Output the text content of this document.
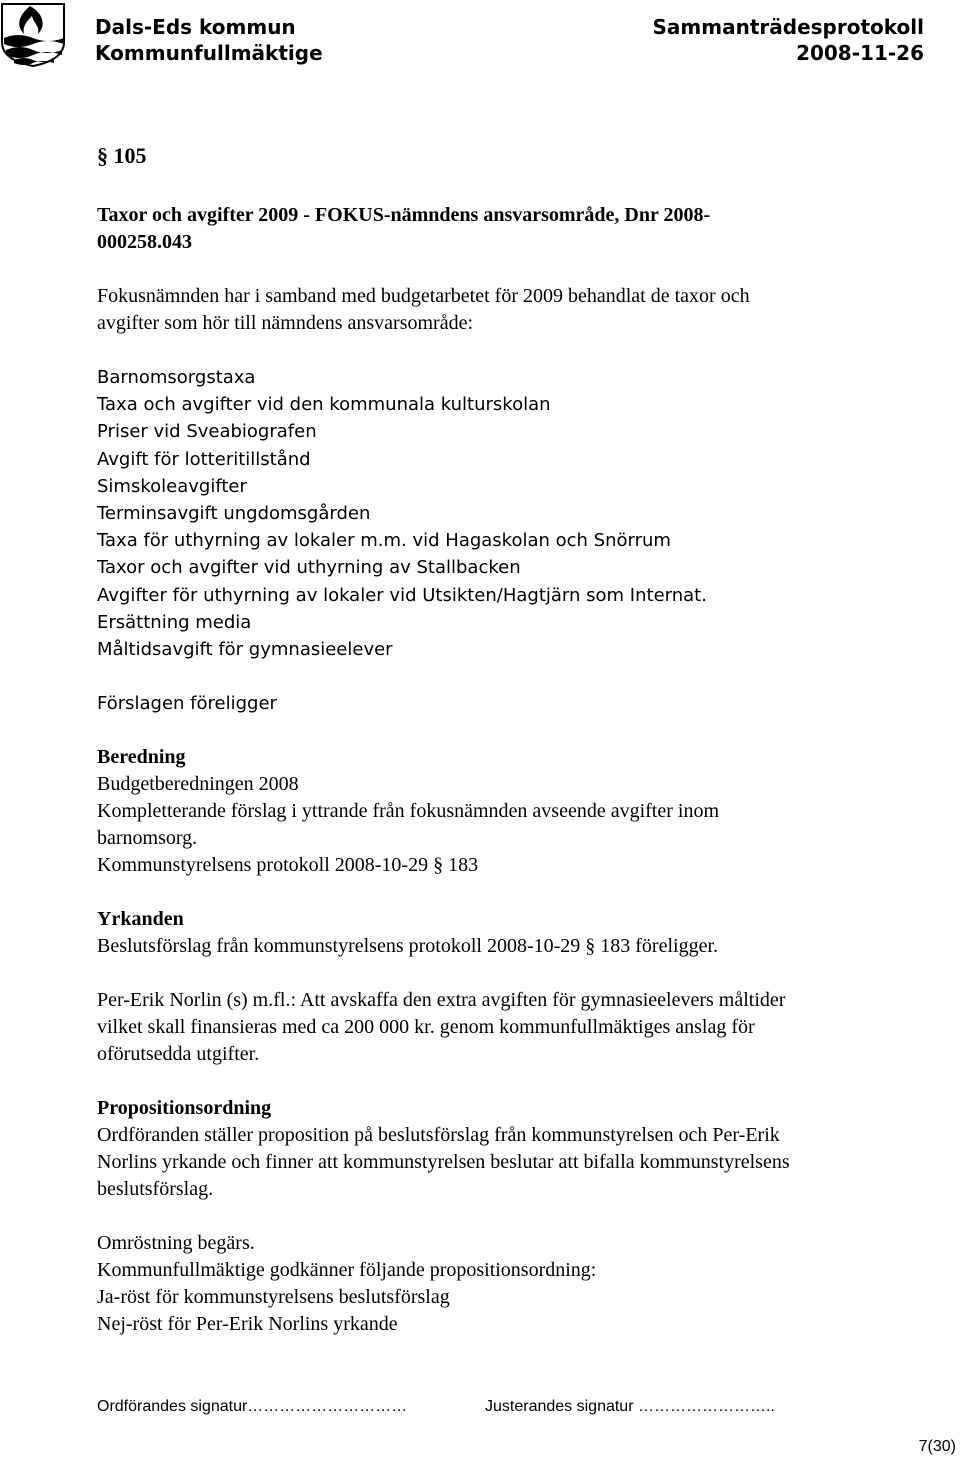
Dals-Eds kommun
Kommunfullmäktige
Sammanträdesprotokoll
2008-11-26

§ 105

Taxor och avgifter 2009 - FOKUS-nämndens ansvarsområde, Dnr 2008-

000258.043

Fokusnämnden har i samband med budgetarbetet för 2009 behandlat de taxor och

avgifter som hör till nämndens ansvarsområde:

Barnomsorgstaxa

Taxa och avgifter vid den kommunala kulturskolan

Priser vid Sveabiografen

Avgift för lotteritillstånd

Simskoleavgifter

Terminsavgift ungdomsgården

Taxa för uthyrning av lokaler m.m. vid Hagaskolan och Snörrum

Taxor och avgifter vid uthyrning av Stallbacken

Avgifter för uthyrning av lokaler vid Utsikten/Hagtjärn som Internat.

Ersättning media

Måltidsavgift för gymnasieelever

Förslagen föreligger

Beredning

Budgetberedningen 2008

Kompletterande förslag i yttrande från fokusnämnden avseende avgifter inom

barnomsorg.

Kommunstyrelsens protokoll 2008-10-29 § 183

Yrkanden

Beslutsförslag från kommunstyrelsens protokoll 2008-10-29 § 183 föreligger.

Per-Erik Norlin (s) m.fl.: Att avskaffa den extra avgiften för gymnasieelevers måltider

vilket skall finansieras med ca 200 000 kr. genom kommunfullmäktiges anslag för

oförutsedda utgifter.

Propositionsordning

Ordföranden ställer proposition på beslutsförslag från kommunstyrelsen och Per-Erik

Norlins yrkande och finner att kommunstyrelsen beslutar att bifalla kommunstyrelsens

beslutsförslag.

Omröstning begärs.

Kommunfullmäktige godkänner följande propositionsordning:

Ja-röst för kommunstyrelsens beslutsförslag

Nej-röst för Per-Erik Norlins yrkande

Ordförandes signatur…………………………	Justerandes signatur ……………………..
7(30)
